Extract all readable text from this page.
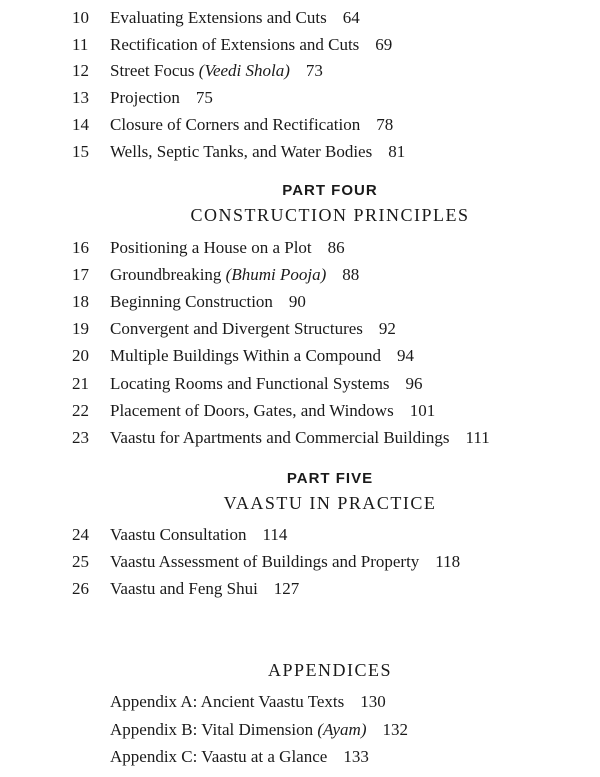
10 Evaluating Extensions and Cuts 64
11 Rectification of Extensions and Cuts 69
12 Street Focus (Veedi Shola) 73
13 Projection 75
14 Closure of Corners and Rectification 78
15 Wells, Septic Tanks, and Water Bodies 81
PART FOUR
CONSTRUCTION PRINCIPLES
16 Positioning a House on a Plot 86
17 Groundbreaking (Bhumi Pooja) 88
18 Beginning Construction 90
19 Convergent and Divergent Structures 92
20 Multiple Buildings Within a Compound 94
21 Locating Rooms and Functional Systems 96
22 Placement of Doors, Gates, and Windows 101
23 Vaastu for Apartments and Commercial Buildings 111
PART FIVE
VAASTU IN PRACTICE
24 Vaastu Consultation 114
25 Vaastu Assessment of Buildings and Property 118
26 Vaastu and Feng Shui 127
APPENDICES
Appendix A: Ancient Vaastu Texts 130
Appendix B: Vital Dimension (Ayam) 132
Appendix C: Vaastu at a Glance 133
